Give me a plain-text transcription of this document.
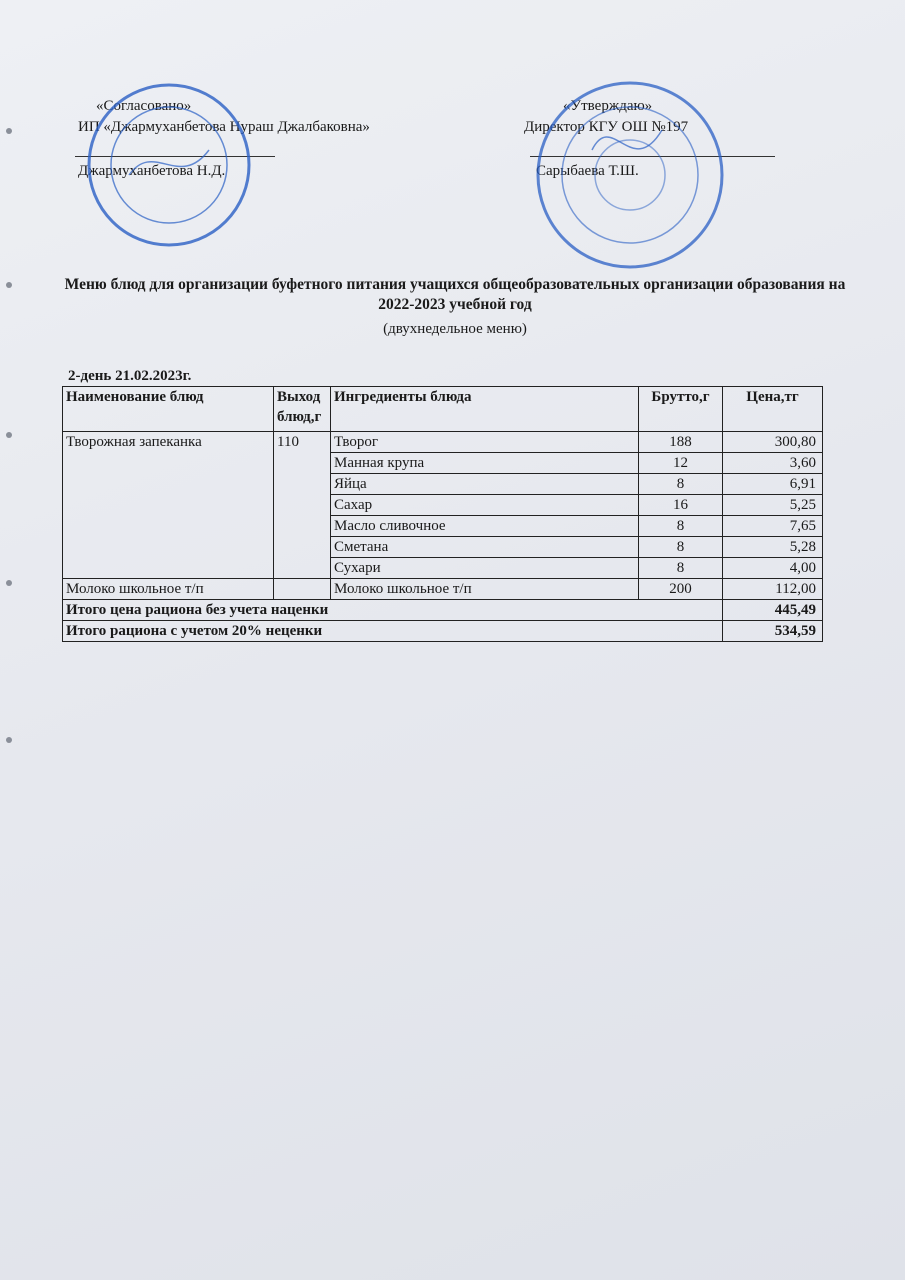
«Согласовано»
ИП «Джармуханбетова Нураш Джалбаковна»
Джармуханбетова Н.Д.
«Утверждаю»
Директор КГУ ОШ №197
Сарыбаева Т.Ш.
Меню блюд для организации буфетного питания учащихся общеобразовательных организации образования на 2022-2023 учебной год
(двухнедельное меню)
2-день 21.02.2023г.
Наименование блюд	Выход блюд,г	Ингредиенты блюда	Брутто,г	Цена,тг
Творожная запеканка	110	Творог	188	300,80
		Манная крупа	12	3,60
		Яйца	8	6,91
		Сахар	16	5,25
		Масло сливочное	8	7,65
		Сметана	8	5,28
		Сухари	8	4,00
Молоко школьное т/п		Молоко школьное т/п	200	112,00
Итого цена рациона без учета наценки				445,49
Итого рациона с учетом 20% неценки				534,59
